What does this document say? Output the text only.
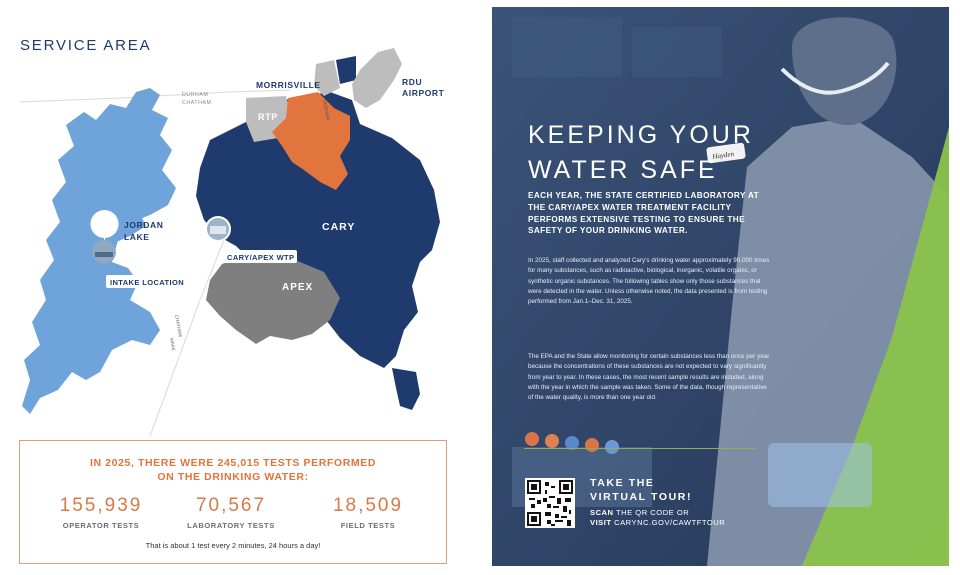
SERVICE AREA
DURHAM
CHATHAM
MORRISVILLE	RDU
AIRPORT
RTP	DURHAM
JORDAN
LAKE
CARY
APEX
CHATHAM
WAKE
CARY/APEX WTP
INTAKE LOCATION
IN 2025, THERE WERE 245,015 TESTS PERFORMED
ON THE DRINKING WATER:
155,939
OPERATOR TESTS
70,567
LABORATORY TESTS
18,509
FIELD TESTS
That is about 1 test every 2 minutes, 24 hours a day!
Hayden
KEEPING YOUR
WATER SAFE
EACH YEAR, THE STATE CERTIFIED LABORATORY AT THE CARY/APEX WATER TREATMENT FACILITY PERFORMS EXTENSIVE TESTING TO ENSURE THE SAFETY OF YOUR DRINKING WATER.
In 2025, staff collected and analyzed Cary’s drinking water approximately 90,000 times for many substances, such as radioactive, biological, inorganic, volatile organic, or synthetic organic substances. The following tables show only those substances that were detected in the water. Unless otherwise noted, the data presented is from testing performed from Jan.1–Dec. 31, 2025.
The EPA and the State allow monitoring for certain substances less than once per year because the concentrations of these substances are not expected to vary significantly from year to year. In these cases, the most recent sample results are included, along with the year in which the sample was taken. Some of the data, though representative of the water quality, is more than one year old.
TAKE THE
VIRTUAL TOUR!
SCAN THE QR CODE OR
VISIT CARYNC.GOV/CAWTFTOUR
